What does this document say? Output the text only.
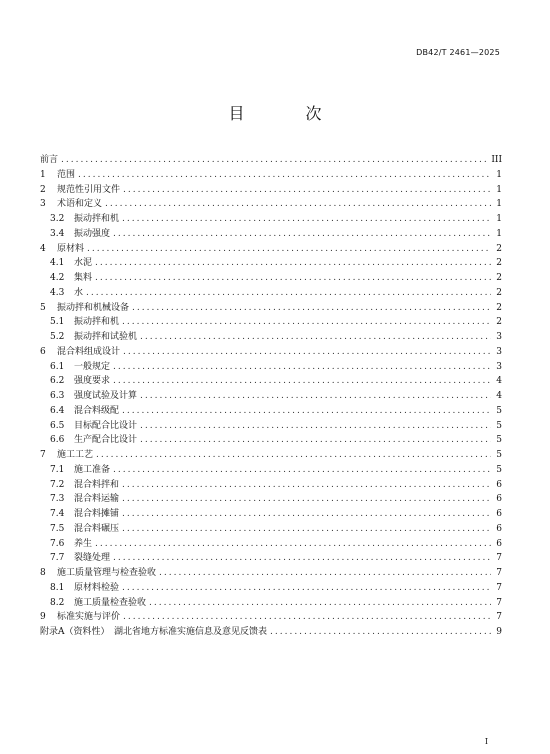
DB42/T 2461—2025
目 次
前言 .....	III
1	范围 .....	1
2	规范性引用文件 .....	1
3	术语和定义 .....	1
3.2	振动拌和机 .....	1
3.4	振动强度 .....	1
4	原材料 .....	2
4.1	水泥 .....	2
4.2	集料 .....	2
4.3	水 .....	2
5	振动拌和机械设备 .....	2
5.1	振动拌和机 .....	2
5.2	振动拌和试验机 .....	3
6	混合料组成设计 .....	3
6.1	一般规定 .....	3
6.2	强度要求 .....	4
6.3	强度试验及计算 .....	4
6.4	混合料级配 .....	5
6.5	目标配合比设计 .....	5
6.6	生产配合比设计 .....	5
7	施工工艺 .....	5
7.1	施工准备 .....	5
7.2	混合料拌和 .....	6
7.3	混合料运输 .....	6
7.4	混合料摊铺 .....	6
7.5	混合料碾压 .....	6
7.6	养生 .....	6
7.7	裂缝处理 .....	7
8	施工质量管理与检查验收 .....	7
8.1	原材料检验 .....	7
8.2	施工质量检查验收 .....	7
9	标准实施与评价 .....	7
附录A（资料性）　湖北省地方标准实施信息及意见反馈表 .....	9
I
